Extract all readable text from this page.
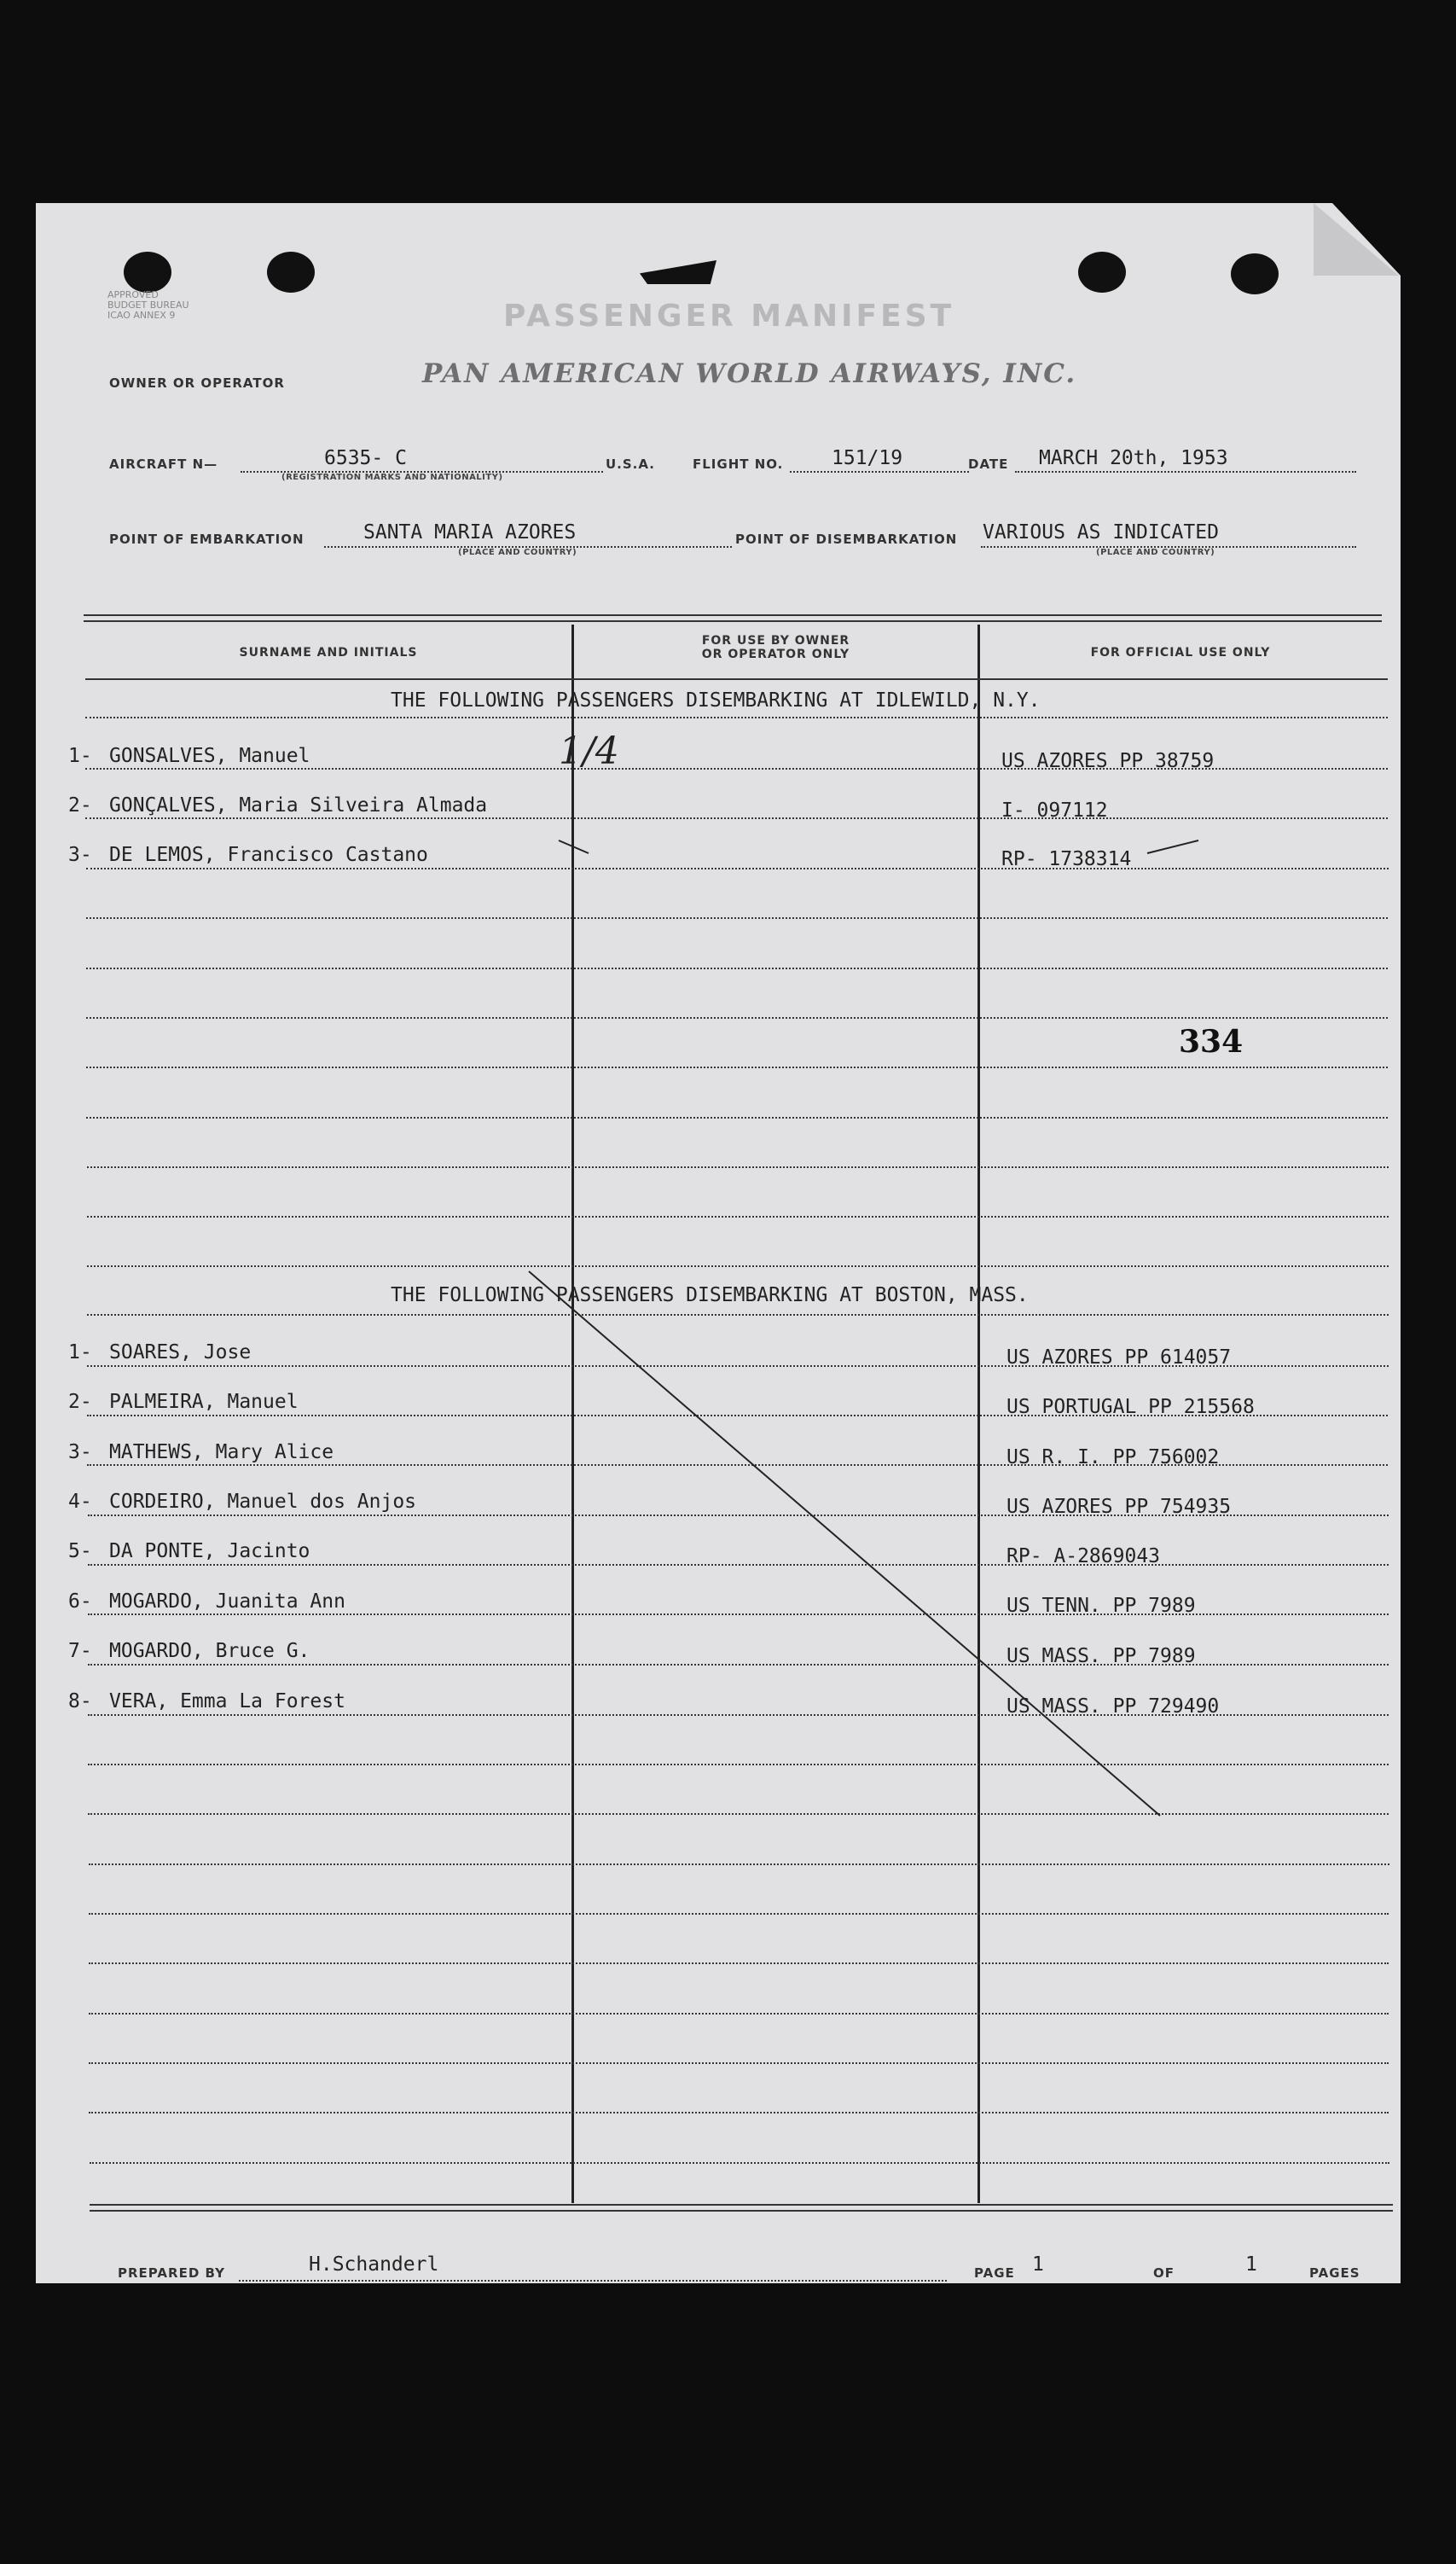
APPROVED
BUDGET BUREAU
ICAO ANNEX 9	PASSENGER MANIFEST
OWNER OR OPERATOR	PAN AMERICAN WORLD AIRWAYS, INC.
AIRCRAFT N—	6535- C
(REGISTRATION MARKS AND NATIONALITY)
U.S.A.	FLIGHT NO. 151/19	DATE MARCH 20th, 1953
POINT OF EMBARKATION	SANTA MARIA AZORES
(PLACE AND COUNTRY)
POINT OF DISEMBARKATION VARIOUS AS INDICATED
(PLACE AND COUNTRY)
SURNAME AND INITIALS
FOR USE BY OWNER
OR OPERATOR ONLY	FOR OFFICIAL USE ONLY
THE FOLLOWING PASSENGERS DISEMBARKING AT IDLEWILD, N.Y.
1- GONSALVES, Manuel	US AZORES PP 38759
2- GONÇALVES, Maria Silveira Almada	I- 097112
3- DE LEMOS, Francisco Castano	RP- 1738314
1/4
334
THE FOLLOWING PASSENGERS DISEMBARKING AT BOSTON, MASS.
1- SOARES, Jose	US AZORES PP 614057
2- PALMEIRA, Manuel	US PORTUGAL PP 215568
3- MATHEWS, Mary Alice	US R. I. PP 756002
4- CORDEIRO, Manuel dos Anjos	US AZORES PP 754935
5- DA PONTE, Jacinto	RP- A-2869043
6- MOGARDO, Juanita Ann	US TENN. PP 7989
7- MOGARDO, Bruce G.	US MASS. PP 7989
8- VERA, Emma La Forest	US MASS. PP 729490
PREPARED BY	H.Schanderl	PAGE 1	OF	1	PAGES
